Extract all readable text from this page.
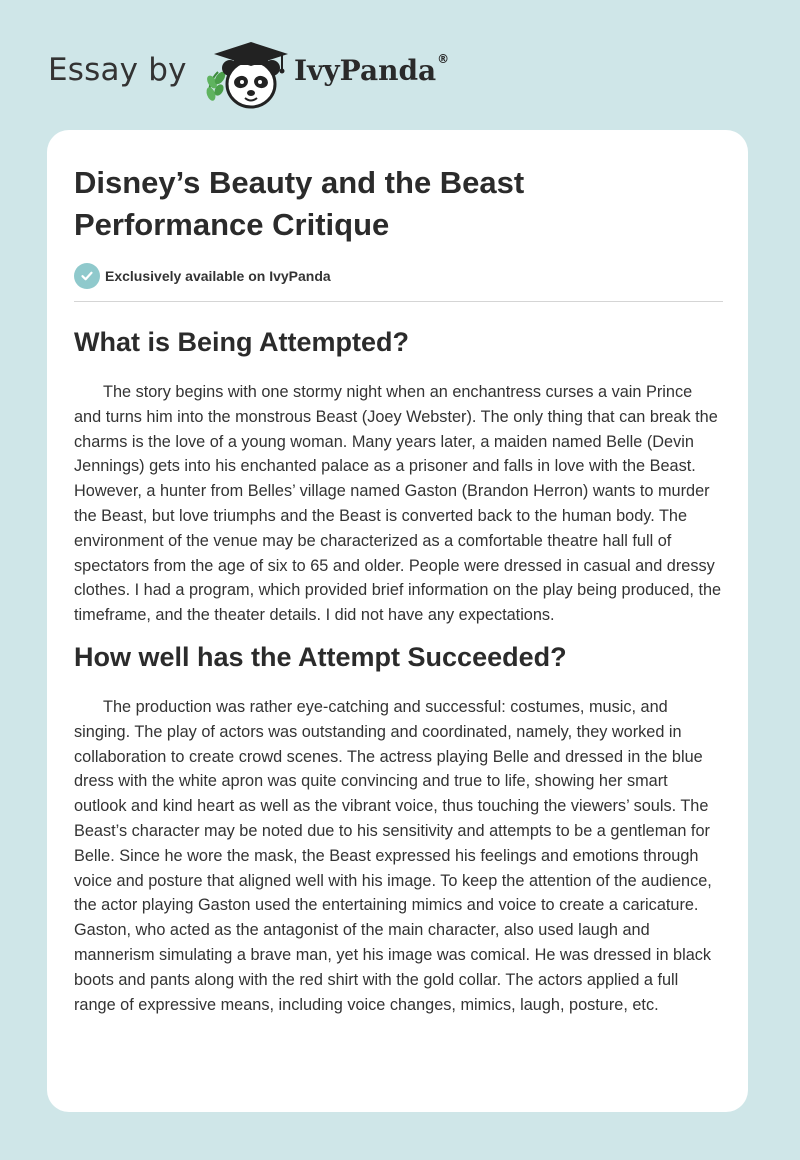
Essay by	IvyPanda®
Disney’s Beauty and the Beast Performance Critique
Exclusively available on IvyPanda
What is Being Attempted?

The story begins with one stormy night when an enchantress curses a vain Prince and turns him into the monstrous Beast (Joey Webster). The only thing that can break the charms is the love of a young woman. Many years later, a maiden named Belle (Devin Jennings) gets into his enchanted palace as a prisoner and falls in love with the Beast. However, a hunter from Belles’ village named Gaston (Brandon Herron) wants to murder the Beast, but love triumphs and the Beast is converted back to the human body. The environment of the venue may be characterized as a comfortable theatre hall full of spectators from the age of six to 65 and older. People were dressed in casual and dressy clothes. I had a program, which provided brief information on the play being produced, the timeframe, and the theater details. I did not have any expectations.

How well has the Attempt Succeeded?

The production was rather eye-catching and successful: costumes, music, and singing. The play of actors was outstanding and coordinated, namely, they worked in collaboration to create crowd scenes. The actress playing Belle and dressed in the blue dress with the white apron was quite convincing and true to life, showing her smart outlook and kind heart as well as the vibrant voice, thus touching the viewers’ souls. The Beast’s character may be noted due to his sensitivity and attempts to be a gentleman for Belle. Since he wore the mask, the Beast expressed his feelings and emotions through voice and posture that aligned well with his image. To keep the attention of the audience, the actor playing Gaston used the entertaining mimics and voice to create a caricature. Gaston, who acted as the antagonist of the main character, also used laugh and mannerism simulating a brave man, yet his image was comical. He was dressed in black boots and pants along with the red shirt with the gold collar. The actors applied a full range of expressive means, including voice changes, mimics, laugh, posture, etc.
